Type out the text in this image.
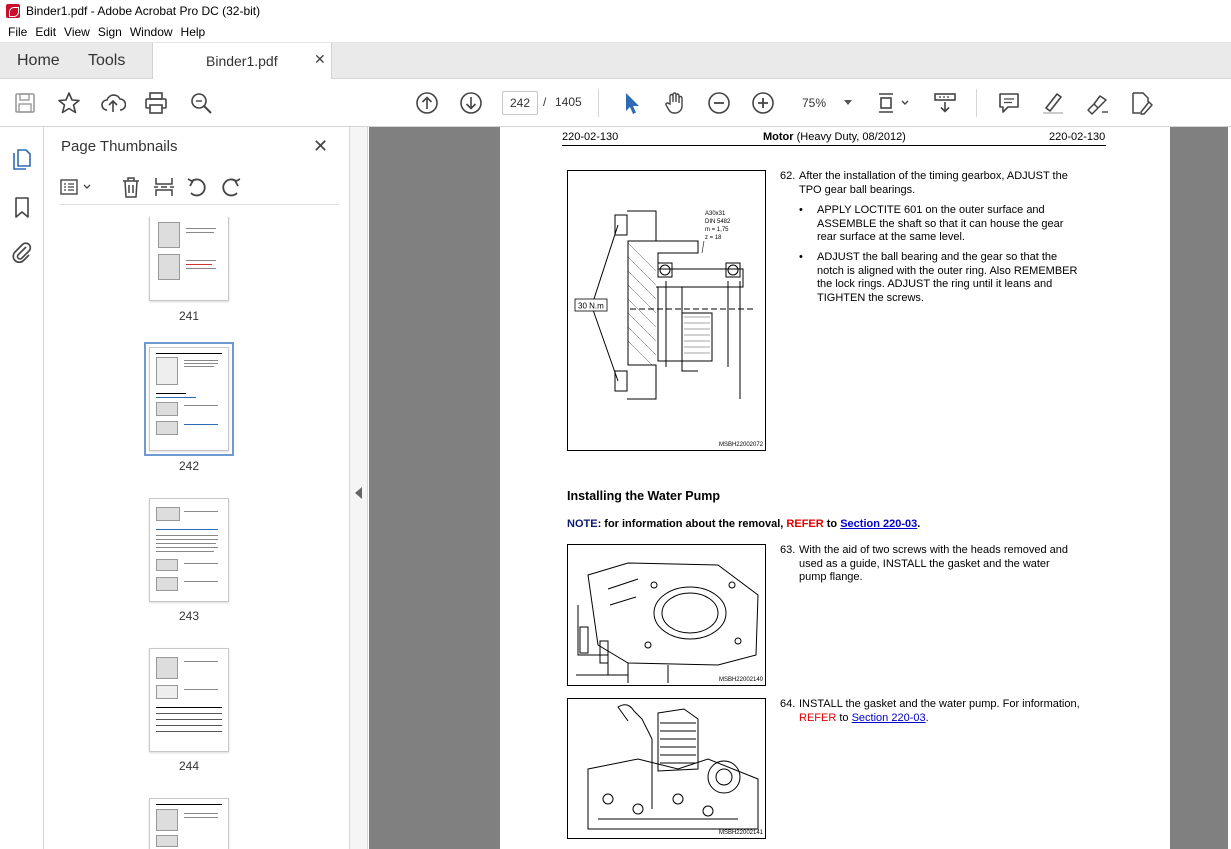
Binder1.pdf - Adobe Acrobat Pro DC (32-bit)
File Edit View Sign Window Help
Home Tools	Binder1.pdf	✕
242	/ 1405	75%
Page Thumbnails	✕
241
242
243
244
220-02-130	Motor (Heavy Duty, 08/2012)	220-02-130
30 N.m
A30x31
DIN 5482
m = 1,75
z = 18
MSBH22002072
62. After the installation of the timing gearbox, ADJUST the
TPO gear ball bearings.
• APPLY LOCTITE 601 on the outer surface and
ASSEMBLE the shaft so that it can house the gear
rear surface at the same level.
• ADJUST the ball bearing and the gear so that the
notch is aligned with the outer ring. Also REMEMBER
the lock rings. ADJUST the ring until it leans and
TIGHTEN the screws.
Installing the Water Pump
NOTE: for information about the removal, REFER to Section 220-03.
MSBH22002140
63. With the aid of two screws with the heads removed and
used as a guide, INSTALL the gasket and the water
pump flange.
MSBH22002141
64. INSTALL the gasket and the water pump. For information,
REFER to Section 220-03.
